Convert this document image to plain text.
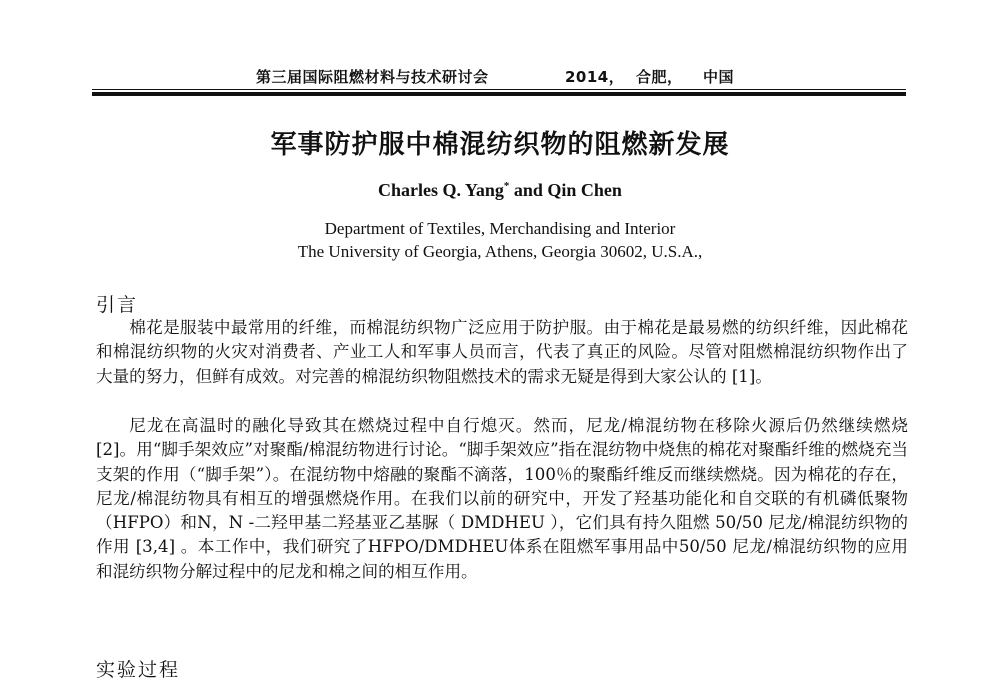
第三届国际阻燃材料与技术研讨会	2014， 合肥， 中国
军事防护服中棉混纺织物的阻燃新发展
Charles Q. Yang* and Qin Chen
Department of Textiles, Merchandising and Interior
The University of Georgia, Athens, Georgia 30602, U.S.A.,
引言

棉花是服装中最常用的纤维，而棉混纺织物广泛应用于防护服。由于棉花是最易燃的纺织纤维，因此棉花和棉混纺织物的火灾对消费者、产业工人和军事人员而言，代表了真正的风险。尽管对阻燃棉混纺织物作出了大量的努力，但鲜有成效。对完善的棉混纺织物阻燃技术的需求无疑是得到大家公认的 [1]。

尼龙在高温时的融化导致其在燃烧过程中自行熄灭。然而，尼龙/棉混纺物在移除火源后仍然继续燃烧 [2]。用“脚手架效应”对聚酯/棉混纺物进行讨论。“脚手架效应”指在混纺物中烧焦的棉花对聚酯纤维的燃烧充当支架的作用（“脚手架”）。在混纺物中熔融的聚酯不滴落，100％的聚酯纤维反而继续燃烧。因为棉花的存在，尼龙/棉混纺物具有相互的增强燃烧作用。在我们以前的研究中，开发了羟基功能化和自交联的有机磷低聚物（HFPO）和N，N -二羟甲基二羟基亚乙基脲（ DMDHEU ），它们具有持久阻燃 50/50 尼龙/棉混纺织物的作用 [3,4] 。本工作中，我们研究了HFPO/DMDHEU体系在阻燃军事用品中50/50 尼龙/棉混纺织物的应用和混纺织物分解过程中的尼龙和棉之间的相互作用。

实验过程
